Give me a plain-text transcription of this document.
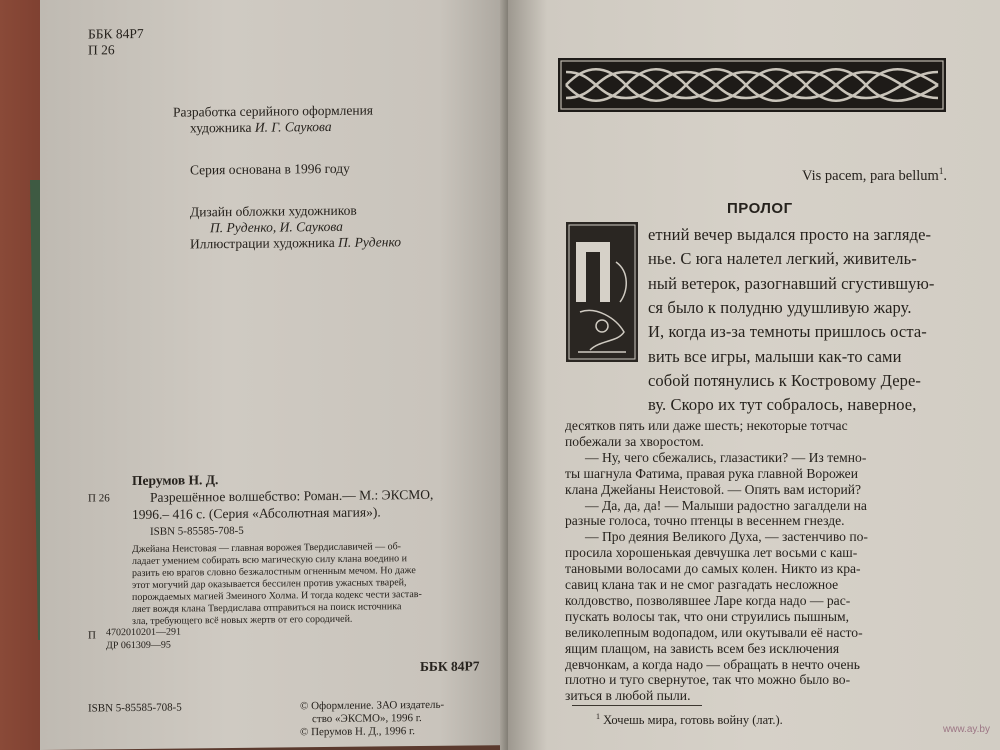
ББК 84Р7
П 26
Разработка серийного оформления
художника И. Г. Саукова
Серия основана в 1996 году
Дизайн обложки художников
П. Руденко, И. Саукова
Иллюстрации художника П. Руденко
П 26
Перумов Н. Д.
Разрешённое волшебство: Роман.— М.: ЭКСМО,
1996.– 416 с. (Серия «Абсолютная магия»).
ISBN 5-85585-708-5
Джейана Неистовая — главная ворожея Твердиславичей — об-
ладает умением собирать всю магическую силу клана воедино и
разить ею врагов словно безжалостным огненным мечом. Но даже
этот могучий дар оказывается бессилен против ужасных тварей,
порождаемых магией Змеиного Холма. И тогда кодекс чести застав-
ляет вождя клана Твердислава отправиться на поиск источника
зла, требующего всё новых жертв от его сородичей.
П 4702010201—291
ДР 061309—95
ББК 84Р7
ISBN 5-85585-708-5	© Оформление. ЗАО издатель-
ство «ЭКСМО», 1996 г.
© Перумов Н. Д., 1996 г.
Vis pacem, para bellum$^1$.
ПРОЛОГ
етний вечер выдался просто на загляде-
нье. С юга налетел легкий, живитель-
ный ветерок, разогнавший сгустившую-
ся было к полудню удушливую жару.
И, когда из-за темноты пришлось оста-
вить все игры, малыши как-то сами
собой потянулись к Костровому Дере-
ву. Скоро их тут собралось, наверное,
десятков пять или даже шесть; некоторые тотчас
побежали за хворостом.
— Ну, чего сбежались, глазастики? — Из темно-
ты шагнула Фатима, правая рука главной Ворожеи
клана Джейаны Неистовой. — Опять вам историй?
— Да, да, да! — Малыши радостно загалдели на
разные голоса, точно птенцы в весеннем гнезде.
— Про деяния Великого Духа, — застенчиво по-
просила хорошенькая девчушка лет восьми с каш-
тановыми волосами до самых колен. Никто из кра-
савиц клана так и не смог разгадать несложное
колдовство, позволявшее Ларе когда надо — рас-
пускать волосы так, что они струились пышным,
великолепным водопадом, или окутывали её насто-
ящим плащом, на зависть всем без исключения
девчонкам, а когда надо — обращать в нечто очень
плотно и туго свернутое, так что можно было во-
зиться в любой пыли.
$^1$ Хочешь мира, готовь войну (лат.).
www.ay.by
